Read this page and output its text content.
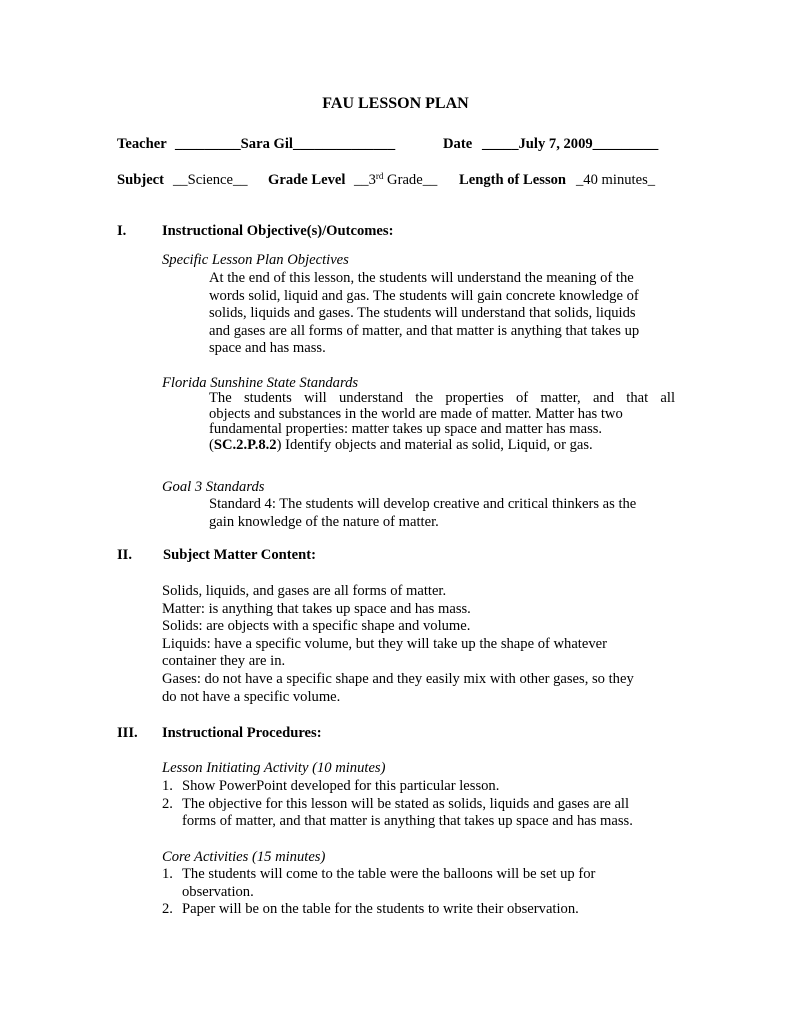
FAU LESSON PLAN
Teacher _________Sara Gil______________	Date _____July 7, 2009_________
Subject __Science__ Grade Level __3rd Grade__ Length of Lesson _40 minutes_
I. Instructional Objective(s)/Outcomes:
Specific Lesson Plan Objectives
At the end of this lesson, the students will understand the meaning of the
words solid, liquid and gas. The students will gain concrete knowledge of
solids, liquids and gases. The students will understand that solids, liquids
and gases are all forms of matter, and that matter is anything that takes up
space and has mass.
Florida Sunshine State Standards
The students will understand the properties of matter, and that all
objects and substances in the world are made of matter. Matter has two
fundamental properties: matter takes up space and matter has mass.
(SC.2.P.8.2) Identify objects and material as solid, Liquid, or gas.
Goal 3 Standards
Standard 4: The students will develop creative and critical thinkers as the
gain knowledge of the nature of matter.
II. Subject Matter Content:
Solids, liquids, and gases are all forms of matter.
Matter: is anything that takes up space and has mass.
Solids: are objects with a specific shape and volume.
Liquids: have a specific volume, but they will take up the shape of whatever
container they are in.
Gases: do not have a specific shape and they easily mix with other gases, so they
do not have a specific volume.
III. Instructional Procedures:
Lesson Initiating Activity (10 minutes)
1. Show PowerPoint developed for this particular lesson.
2. The objective for this lesson will be stated as solids, liquids and gases are all
forms of matter, and that matter is anything that takes up space and has mass.
Core Activities (15 minutes)
1. The students will come to the table were the balloons will be set up for
observation.
2. Paper will be on the table for the students to write their observation.
